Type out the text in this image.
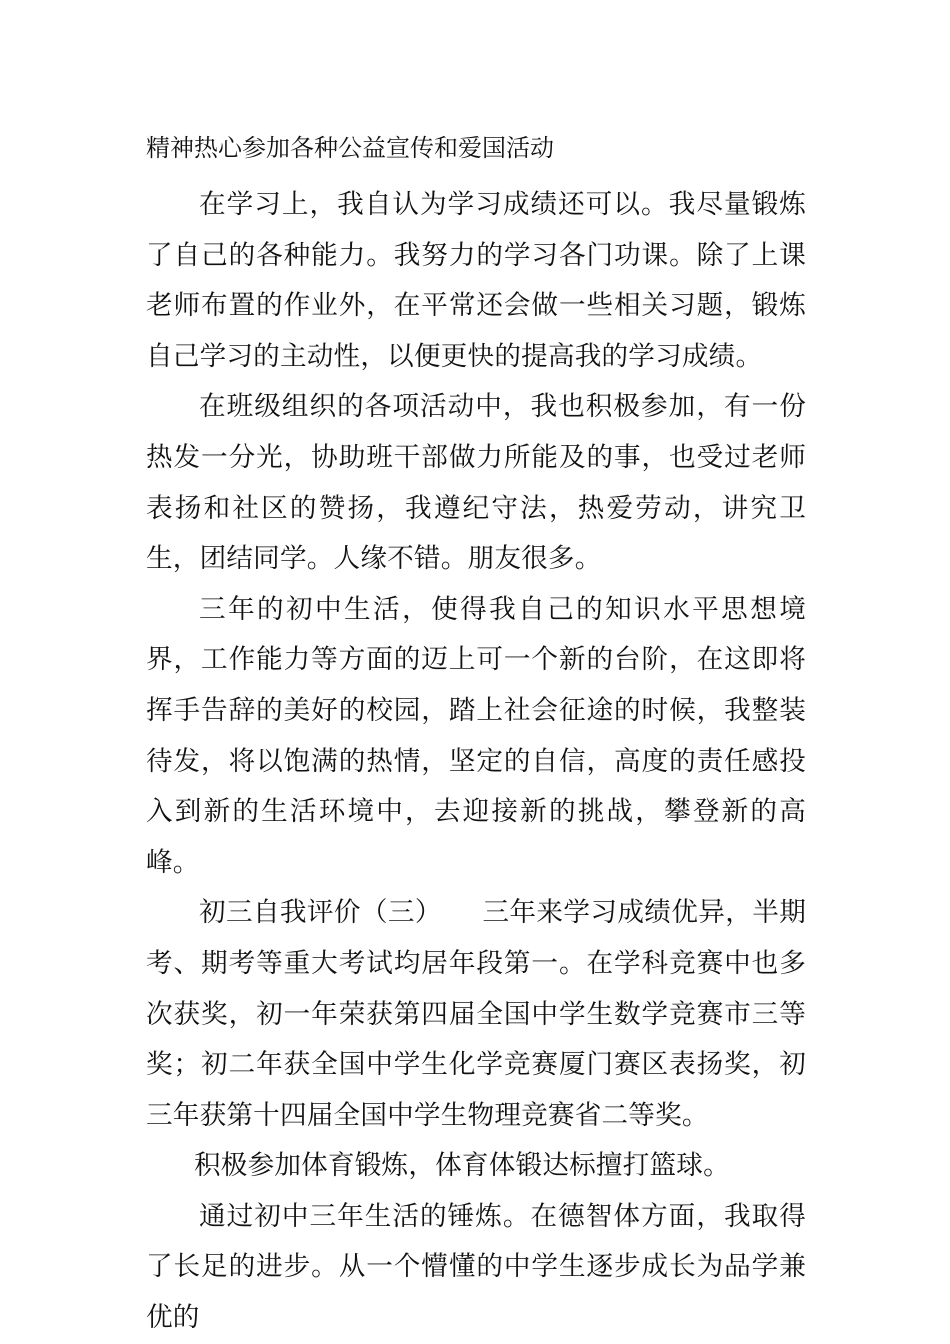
精神热心参加各种公益宣传和爱国活动

在学习上，我自认为学习成绩还可以。我尽量锻炼了自己的各种能力。我努力的学习各门功课。除了上课老师布置的作业外，在平常还会做一些相关习题，锻炼自己学习的主动性，以便更快的提高我的学习成绩。

在班级组织的各项活动中，我也积极参加，有一份热发一分光，协助班干部做力所能及的事，也受过老师表扬和社区的赞扬，我遵纪守法，热爱劳动，讲究卫生，团结同学。人缘不错。朋友很多。

三年的初中生活，使得我自己的知识水平思想境界，工作能力等方面的迈上可一个新的台阶，在这即将挥手告辞的美好的校园，踏上社会征途的时候，我整装待发，将以饱满的热情，坚定的自信，高度的责任感投入到新的生活环境中，去迎接新的挑战，攀登新的高峰。

初三自我评价（三）　　三年来学习成绩优异，半期考、期考等重大考试均居年段第一。在学科竞赛中也多次获奖，初一年荣获第四届全国中学生数学竞赛市三等奖；初二年获全国中学生化学竞赛厦门赛区表扬奖，初三年获第十四届全国中学生物理竞赛省二等奖。

积极参加体育锻炼，体育体锻达标擅打篮球。

通过初中三年生活的锤炼。在德智体方面，我取得了长足的进步。从一个懵懂的中学生逐步成长为品学兼优的
